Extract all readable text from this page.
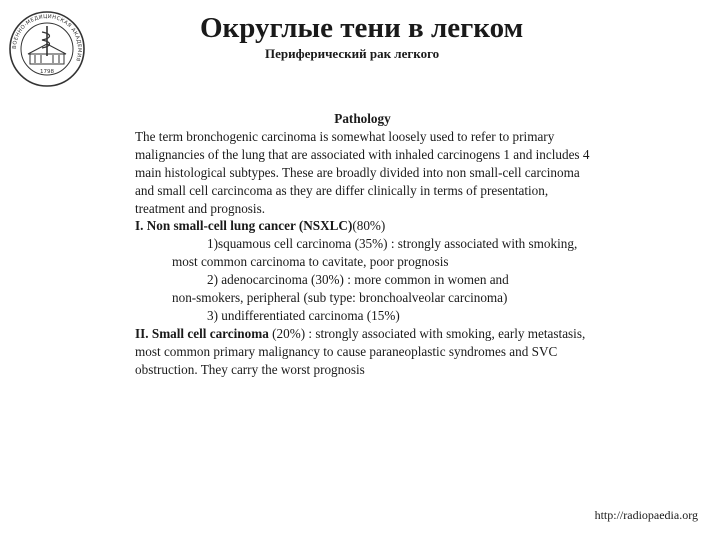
ВОЕННО-МЕДИЦИНСКАЯ АКАДЕМИЯ
1798
Округлые тени в легком
Периферический рак легкого
Pathology

The term bronchogenic carcinoma is somewhat loosely used to refer to primary malignancies of the lung that are associated with inhaled carcinogens 1 and includes 4 main histological subtypes. These are broadly divided into non small-cell carcinoma and small cell carcincoma as they are differ clinically in terms of presentation, treatment and prognosis.

I. Non small-cell lung cancer (NSXLC)(80%)

1)squamous cell carcinoma (35%) : strongly associated with smoking, most common carcinoma to cavitate, poor prognosis

2) adenocarcinoma (30%) : more common in women and
non-smokers, peripheral (sub type: bronchoalveolar carcinoma)

3) undifferentiated carcinoma (15%)

II. Small cell carcinoma (20%) : strongly associated with smoking, early metastasis, most common primary malignancy to cause paraneoplastic syndromes and SVC obstruction. They carry the worst prognosis

http://radiopaedia.org
